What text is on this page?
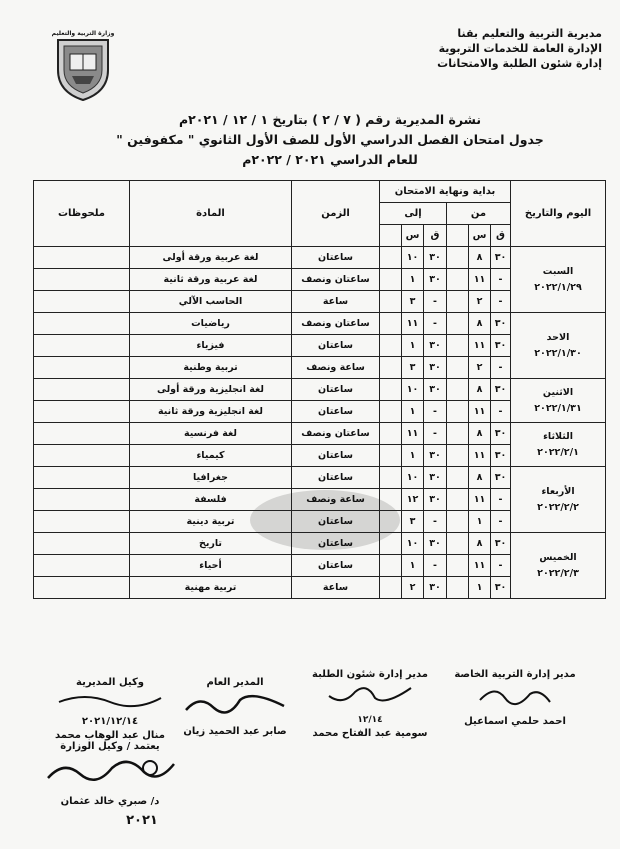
مديرية التربية والتعليم بقنا
الإدارة العامة للخدمات التربوية
إدارة شئون الطلبة والامتحانات
وزارة التربية والتعليم
نشرة المديرية رقم ( ٧ / ٢ ) بتاريخ ١ / ١٢ / ٢٠٢١م
جدول امتحان الفصل الدراسي الأول للصف الأول الثانوي " مكفوفين "
للعام الدراسي ٢٠٢١ / ٢٠٢٢م
اليوم والتاريخ	بداية ونهاية الامتحان						الزمن	المادة	ملحوظات
	من			إلى					
	ق	س		ق	س				

السبت
٢٠٢٢/١/٢٩	٣٠	٨		٣٠	١٠		ساعتان	لغة عربية ورقة أولى	
	-	١١		٣٠	١		ساعتان ونصف	لغة عربية ورقة ثانية	
	-	٢		-	٣		ساعة	الحاسب الآلي	

الاحد
٢٠٢٢/١/٣٠	٣٠	٨		-	١١		ساعتان ونصف	رياضيات	
	٣٠	١١		٣٠	١		ساعتان	فيزياء	
	-	٢		٣٠	٣		ساعة ونصف	تربية وطنية	

الاثنين
٢٠٢٢/١/٣١	٣٠	٨		٣٠	١٠		ساعتان	لغة انجليزية ورقة أولى	
	-	١١		-	١		ساعتان	لغة انجليزية ورقة ثانية	

الثلاثاء
٢٠٢٢/٢/١	٣٠	٨		-	١١		ساعتان ونصف	لغة فرنسية	
	٣٠	١١		٣٠	١		ساعتان	كيمياء	

الأربعاء
٢٠٢٢/٢/٢	٣٠	٨		٣٠	١٠		ساعتان	جغرافيا	
	-	١١		٣٠	١٢		ساعة ونصف	فلسفة	
	-	١		-	٣		ساعتان	تربية دينية	

الخميس
٢٠٢٢/٢/٣	٣٠	٨		٣٠	١٠		ساعتان	تاريخ	
	-	١١		-	١		ساعتان	أحياء	
	٣٠	١		٣٠	٢		ساعة	تربية مهنية	
مدير إدارة التربية الخاصة
احمد حلمي اسماعيل
مدير إدارة شئون الطلبة
١٢/١٤
سومية عبد الفتاح محمد
المدير العام
صابر عبد الحميد زيان
وكيل المديرية
٢٠٢١/١٢/١٤
منال عبد الوهاب محمد
يعتمد / وكيل الوزارة
د/ صبري خالد عثمان
٢٠٢١
